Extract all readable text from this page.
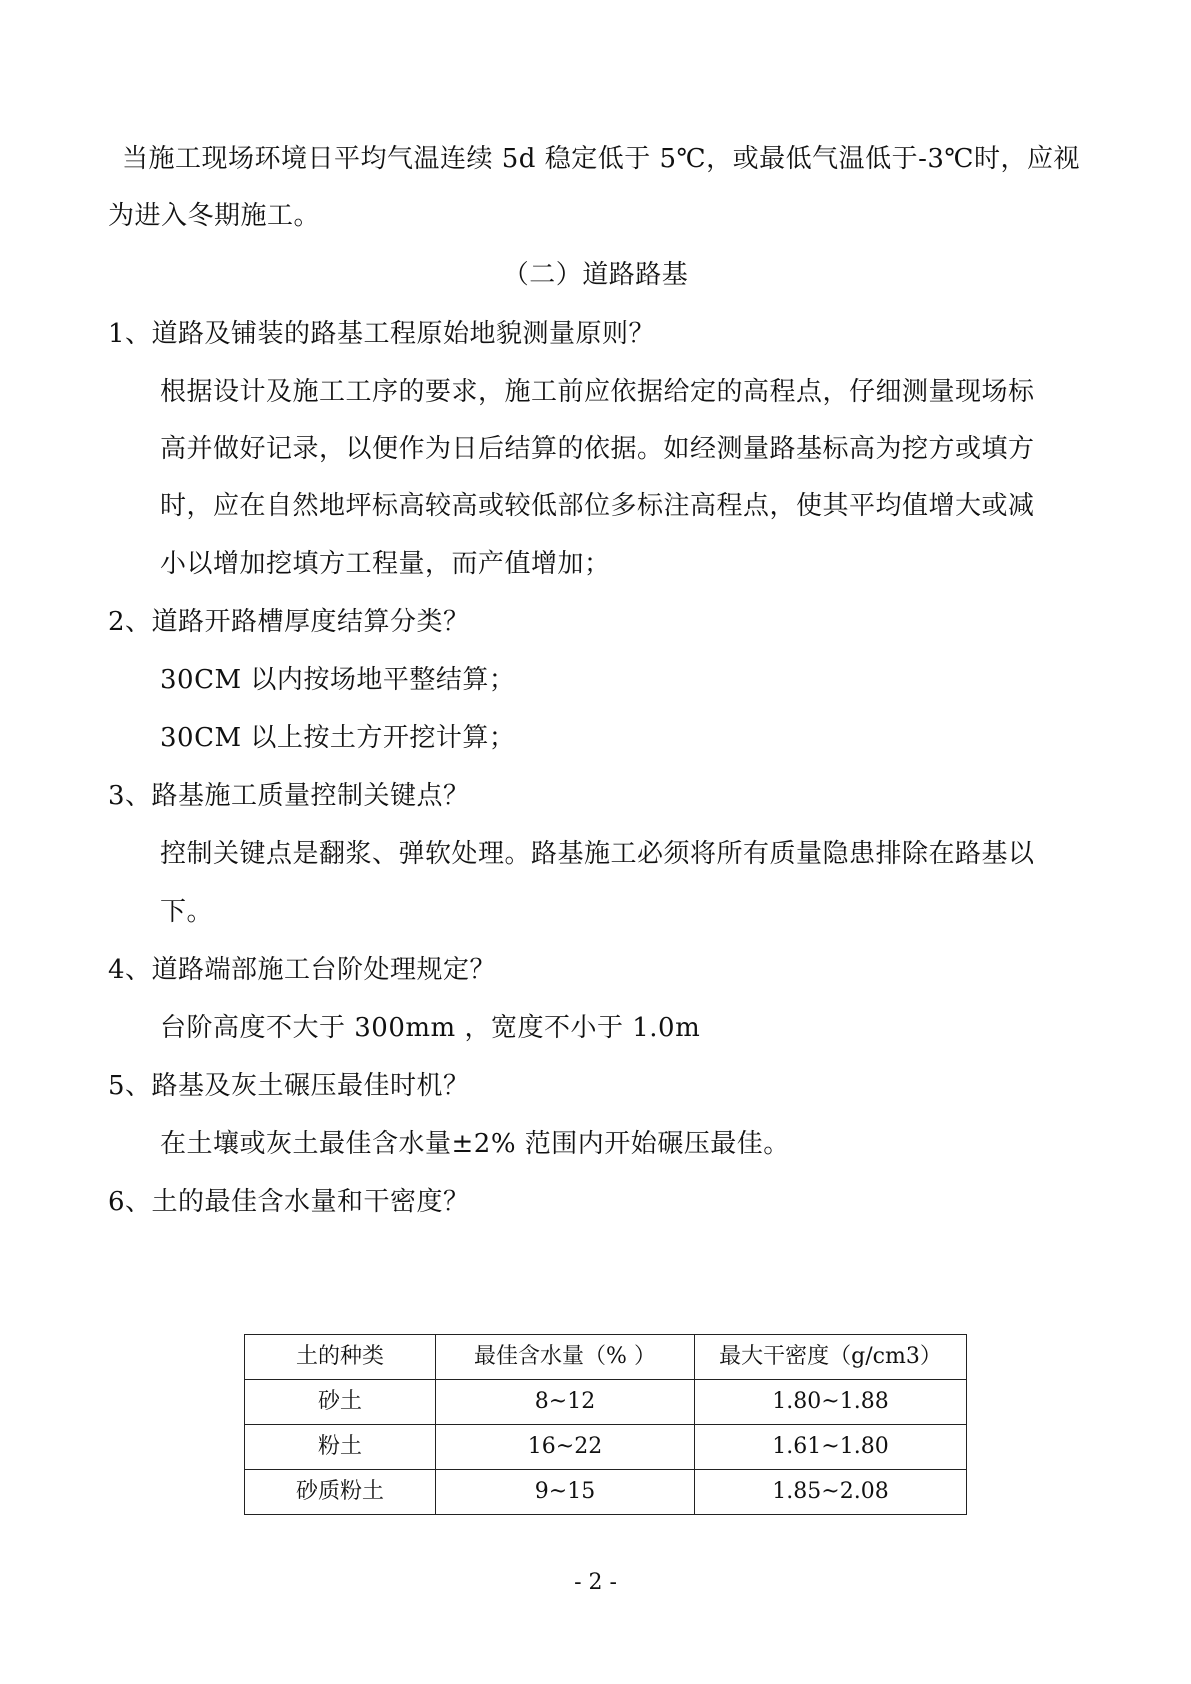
当施工现场环境日平均气温连续 5d 稳定低于 5℃，或最低气温低于-3℃时，应视
为进入冬期施工。
（二）道路路基
1、道路及铺装的路基工程原始地貌测量原则？
根据设计及施工工序的要求，施工前应依据给定的高程点，仔细测量现场标
高并做好记录，以便作为日后结算的依据。如经测量路基标高为挖方或填方
时，应在自然地坪标高较高或较低部位多标注高程点，使其平均值增大或减
小以增加挖填方工程量，而产值增加；
2、道路开路槽厚度结算分类？
30CM 以内按场地平整结算；
30CM 以上按土方开挖计算；
3、路基施工质量控制关键点？
控制关键点是翻浆、弹软处理。路基施工必须将所有质量隐患排除在路基以
下。
4、道路端部施工台阶处理规定？
台阶高度不大于 300mm ，宽度不小于 1.0m
5、路基及灰土碾压最佳时机？
在土壤或灰土最佳含水量±2% 范围内开始碾压最佳。
6、土的最佳含水量和干密度？
土的种类	最佳含水量（% ）	最大干密度（g/cm3）
砂土	8~12	1.80~1.88
粉土	16~22	1.61~1.80
砂质粉土	9~15	1.85~2.08
- 2 -
